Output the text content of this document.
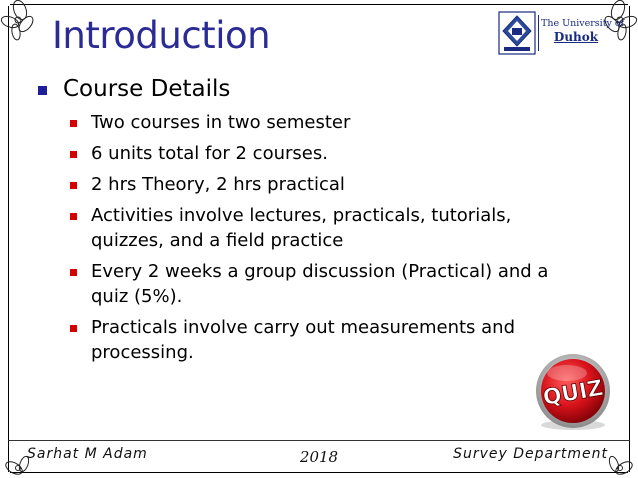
Introduction	The University of
Duhok
Course Details
Two courses in two semester
6 units total for 2 courses.
2 hrs Theory, 2 hrs practical
Activities involve lectures, practicals, tutorials, quizzes, and a field practice
Every 2 weeks a group discussion (Practical) and a quiz (5%).
Practicals involve carry out measurements and processing.
QUIZ
Sarhat M Adam	2018	Survey Department
